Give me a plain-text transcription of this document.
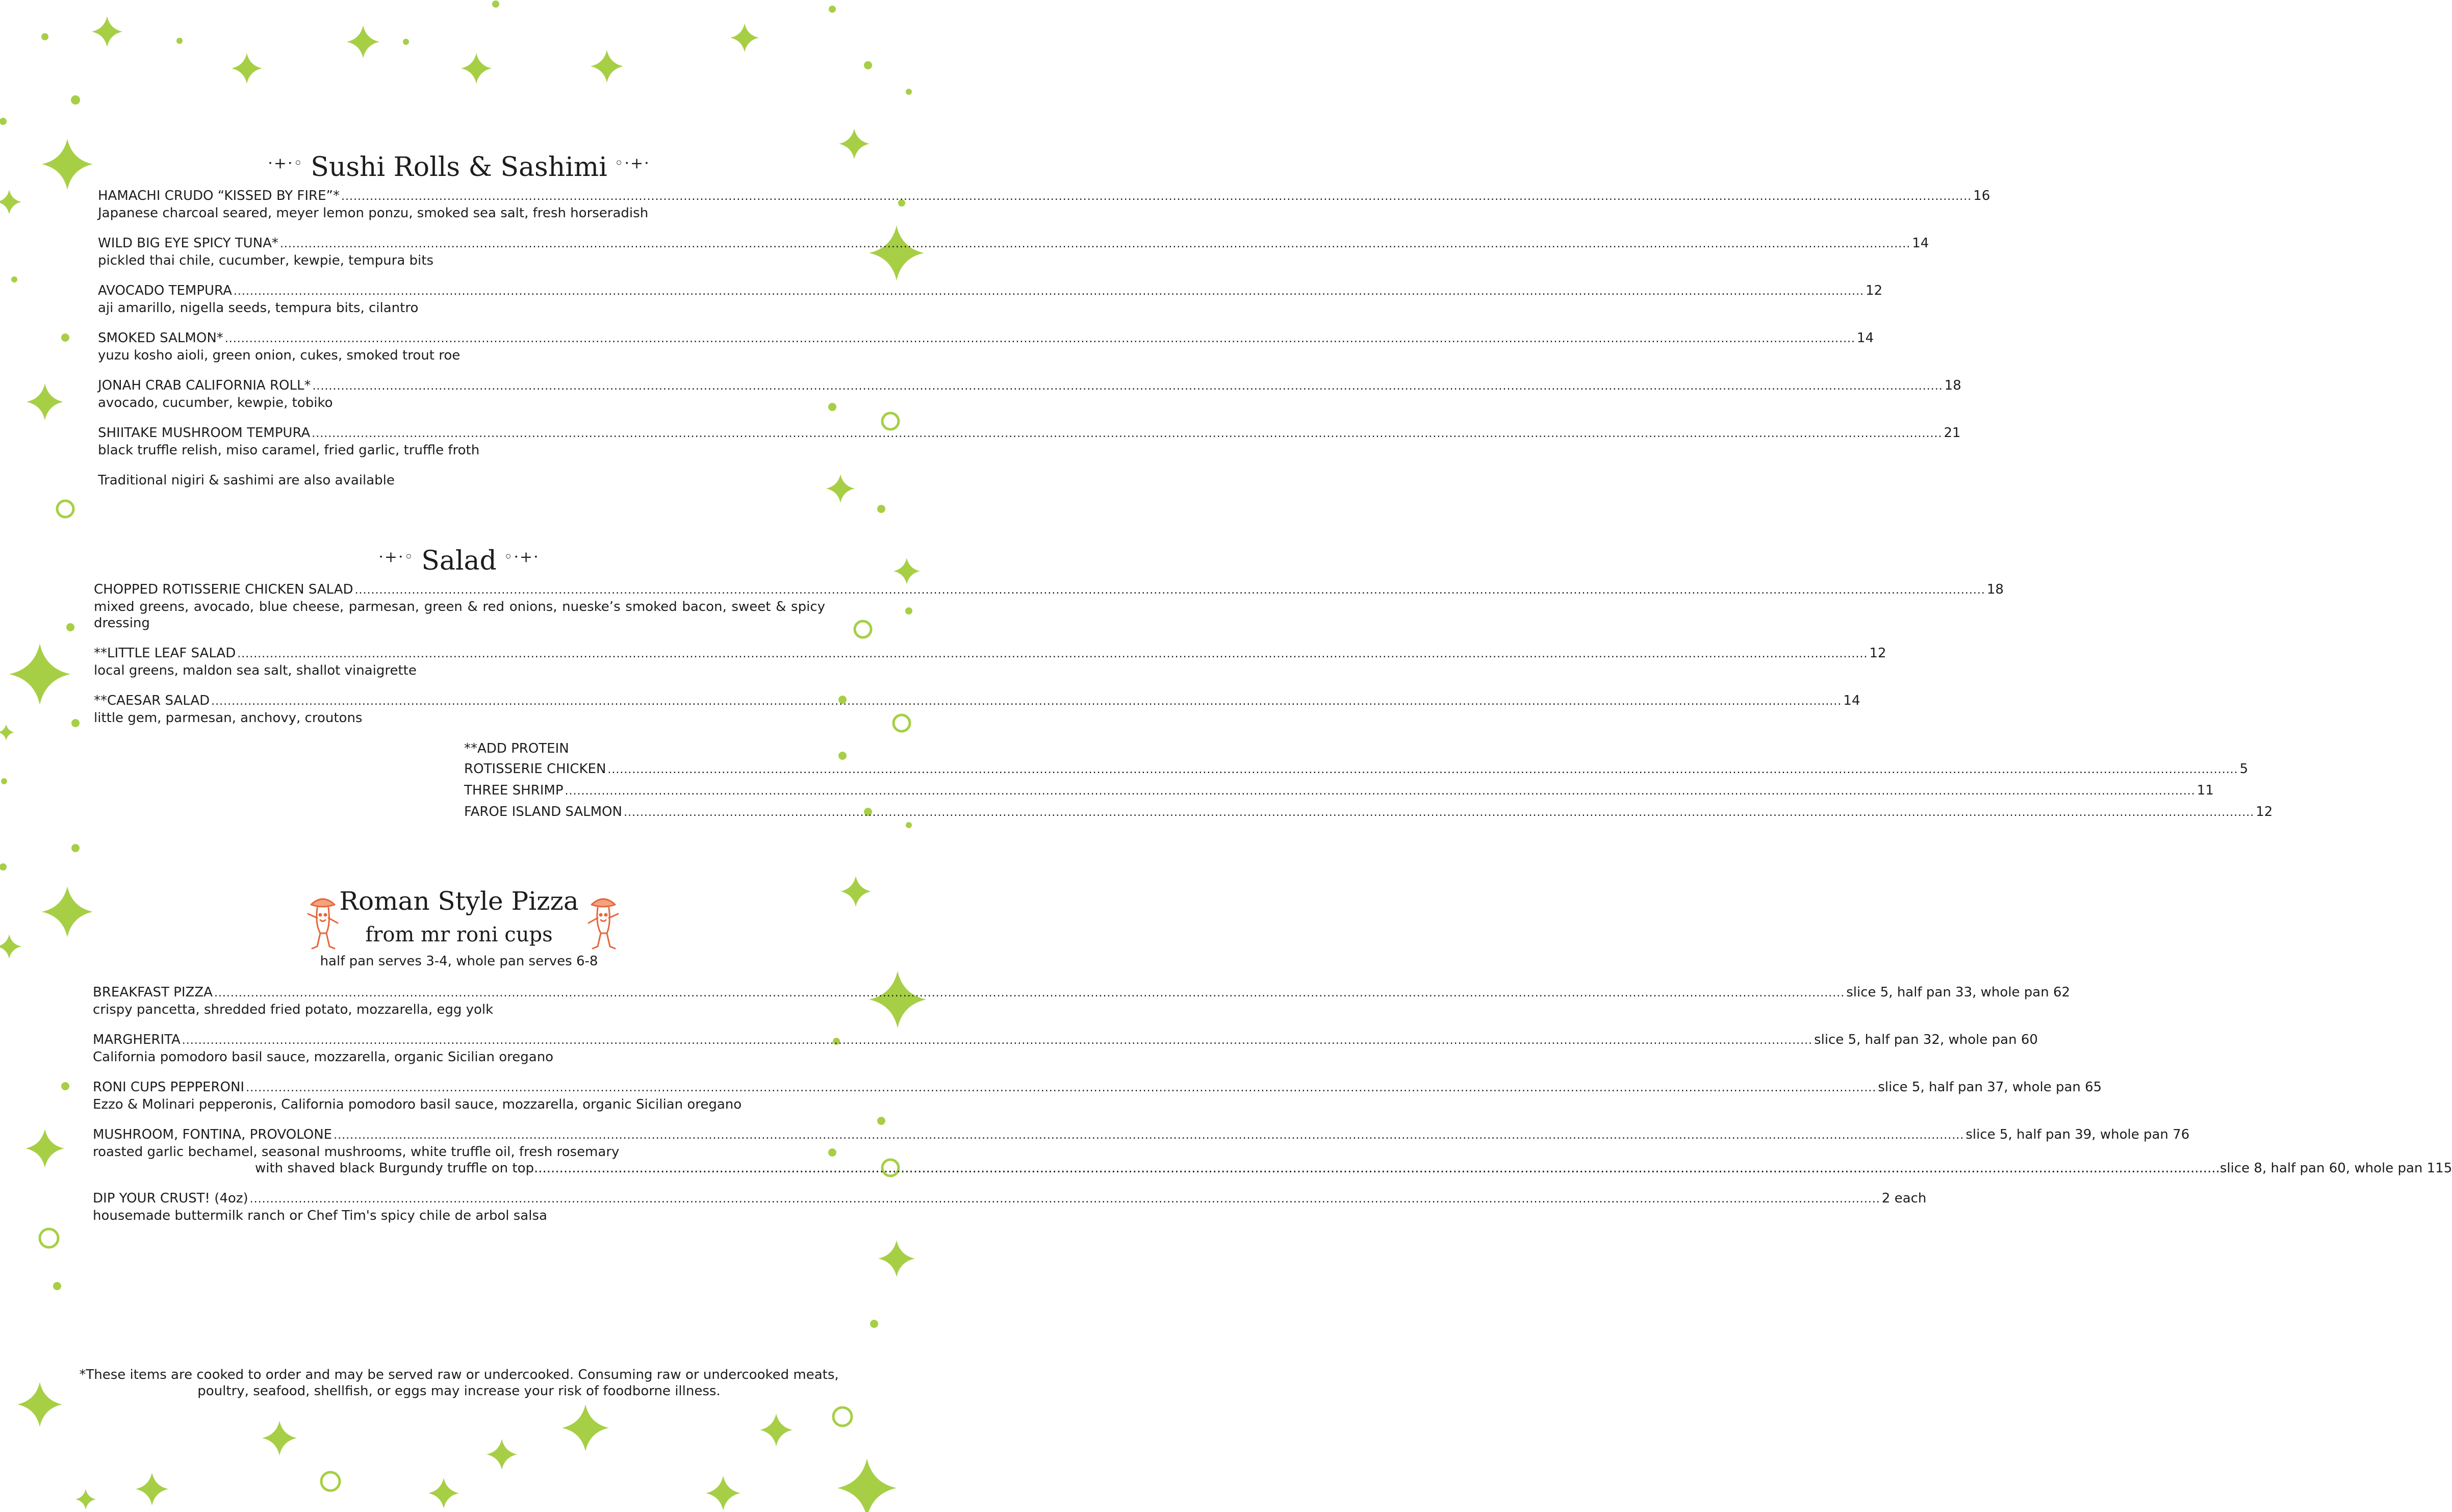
·+·◦ Sushi Rolls & Sashimi ◦·+·
HAMACHI CRUDO “KISSED BY FIRE”* ................................................................................................................................................................................................................................................................................................................................................................................................................ 16
Japanese charcoal seared, meyer lemon ponzu, smoked sea salt, fresh horseradish
WILD BIG EYE SPICY TUNA* ................................................................................................................................................................................................................................................................................................................................................................................................................ 14
pickled thai chile, cucumber, kewpie, tempura bits
AVOCADO TEMPURA ................................................................................................................................................................................................................................................................................................................................................................................................................ 12
aji amarillo, nigella seeds, tempura bits, cilantro
SMOKED SALMON* ................................................................................................................................................................................................................................................................................................................................................................................................................ 14
yuzu kosho aioli, green onion, cukes, smoked trout roe
JONAH CRAB CALIFORNIA ROLL* ................................................................................................................................................................................................................................................................................................................................................................................................................ 18
avocado, cucumber, kewpie, tobiko
SHIITAKE MUSHROOM TEMPURA ................................................................................................................................................................................................................................................................................................................................................................................................................ 21
black truffle relish, miso caramel, fried garlic, truffle froth
Traditional nigiri & sashimi are also available
·+·◦ Salad ◦·+·
CHOPPED ROTISSERIE CHICKEN SALAD ................................................................................................................................................................................................................................................................................................................................................................................................................ 18
mixed greens, avocado, blue cheese, parmesan, green & red onions, nueske’s smoked bacon, sweet & spicy dressing
**LITTLE LEAF SALAD ................................................................................................................................................................................................................................................................................................................................................................................................................ 12
local greens, maldon sea salt, shallot vinaigrette
**CAESAR SALAD ................................................................................................................................................................................................................................................................................................................................................................................................................ 14
little gem, parmesan, anchovy, croutons
**ADD PROTEIN
ROTISSERIE CHICKEN ................................................................................................................................................................................................................................................................................................................................................................................................................ 5
THREE SHRIMP ................................................................................................................................................................................................................................................................................................................................................................................................................ 11
FAROE ISLAND SALMON ................................................................................................................................................................................................................................................................................................................................................................................................................ 12
Roman Style Pizza
from mr roni cups
half pan serves 3-4, whole pan serves 6-8
BREAKFAST PIZZA ................................................................................................................................................................................................................................................................................................................................................................................................................ slice 5, half pan 33, whole pan 62
crispy pancetta, shredded fried potato, mozzarella, egg yolk
MARGHERITA ................................................................................................................................................................................................................................................................................................................................................................................................................ slice 5, half pan 32, whole pan 60
California pomodoro basil sauce, mozzarella, organic Sicilian oregano
RONI CUPS PEPPERONI ................................................................................................................................................................................................................................................................................................................................................................................................................ slice 5, half pan 37, whole pan 65
Ezzo & Molinari pepperonis, California pomodoro basil sauce, mozzarella, organic Sicilian oregano
MUSHROOM, FONTINA, PROVOLONE ................................................................................................................................................................................................................................................................................................................................................................................................................ slice 5, half pan 39, whole pan 76
roasted garlic bechamel, seasonal mushrooms, white truffle oil, fresh rosemary
with shaved black Burgundy truffle on top ................................................................................................................................................................................................................................................................................................................................................................................................................ slice 8, half pan 60, whole pan 115
DIP YOUR CRUST! (4oz) ................................................................................................................................................................................................................................................................................................................................................................................................................ 2 each
housemade buttermilk ranch or Chef Tim's spicy chile de arbol salsa
*These items are cooked to order and may be served raw or undercooked. Consuming raw or undercooked meats, poultry, seafood, shellfish, or eggs may increase your risk of foodborne illness.
